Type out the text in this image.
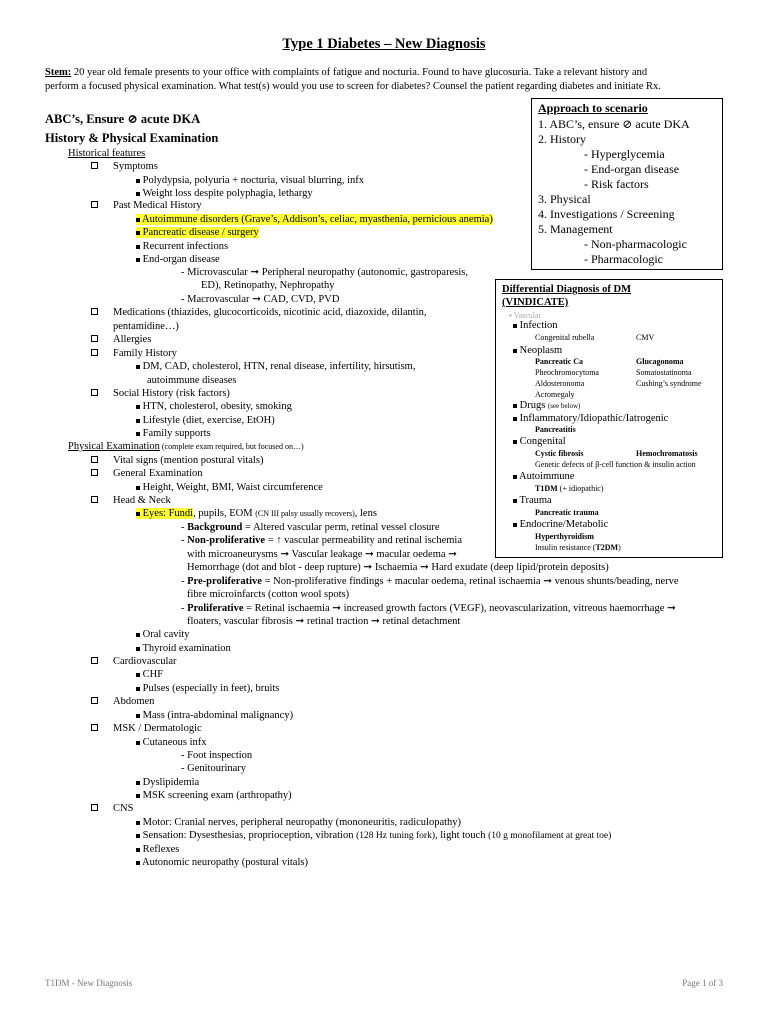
Type 1 Diabetes – New Diagnosis
Stem: 20 year old female presents to your office with complaints of fatigue and nocturia. Found to have glucosuria. Take a relevant history and
perform a focused physical examination. What test(s) would you use to screen for diabetes? Counsel the patient regarding diabetes and initiate Rx.
ABC’s, Ensure ⊘ acute DKA
History & Physical Examination
Historical features
Symptoms
Polydypsia, polyuria + nocturia, visual blurring, infx
Weight loss despite polyphagia, lethargy
Past Medical History
Autoimmune disorders (Grave’s, Addison’s, celiac, myasthenia, pernicious anemia)
Pancreatic disease / surgery
Recurrent infections
End-organ disease
- Microvascular ➞ Peripheral neuropathy (autonomic, gastroparesis,
ED), Retinopathy, Nephropathy
- Macrovascular ➞ CAD, CVD, PVD
Medications (thiazides, glucocorticoids, nicotinic acid, diazoxide, dilantin,
pentamidine…)
Allergies
Family History
DM, CAD, cholesterol, HTN, renal disease, infertility, hirsutism,
autoimmune diseases
Social History (risk factors)
HTN, cholesterol, obesity, smoking
Lifestyle (diet, exercise, EtOH)
Family supports
Physical Examination (complete exam required, but focused on…)
Vital signs (mention postural vitals)
General Examination
Height, Weight, BMI, Waist circumference
Head & Neck
Eyes: Fundi, pupils, EOM (CN III palsy usually recovers), lens
- Background = Altered vascular perm, retinal vessel closure
- Non-proliferative = ↑ vascular permeability and retinal ischemia
with microaneurysms ➞ Vascular leakage ➞ macular oedema ➞
Hemorrhage (dot and blot - deep rupture) ➞ Ischaemia ➞ Hard exudate (deep lipid/protein deposits)
- Pre-proliferative = Non-proliferative findings + macular oedema, retinal ischaemia ➞ venous shunts/beading, nerve
fibre microinfarcts (cotton wool spots)
- Proliferative = Retinal ischaemia ➞ increased growth factors (VEGF), neovascularization, vitreous haemorrhage ➞
floaters, vascular fibrosis ➞ retinal traction ➞ retinal detachment
Oral cavity
Thyroid examination
Cardiovascular
CHF
Pulses (especially in feet), bruits
Abdomen
Mass (intra-abdominal malignancy)
MSK / Dermatologic
Cutaneous infx
- Foot inspection
- Genitourinary
Dyslipidemia
MSK screening exam (arthropathy)
CNS
Motor: Cranial nerves, peripheral neuropathy (mononeuritis, radiculopathy)
Sensation: Dysesthesias, proprioception, vibration (128 Hz tuning fork), light touch (10 g monofilament at great toe)
Reflexes
Autonomic neuropathy (postural vitals)
Approach to scenario
1. ABC’s, ensure ⊘ acute DKA
2. History
- Hyperglycemia
- End-organ disease
- Risk factors
3. Physical
4. Investigations / Screening
5. Management
- Non-pharmacologic
- Pharmacologic
Differential Diagnosis of DM
(VINDICATE)
▪ Vascular
Infection
Congenital rubella	CMV
Neoplasm
Pancreatic Ca	Glucagonoma
Pheochromocytoma	Somatostatinoma
Aldosteronoma	Cushing’s syndrome
Acromegaly
Drugs (see below)
Inflammatory/Idiopathic/Iatrogenic
Pancreatitis
Congenital
Cystic fibrosis	Hemochromatosis
Genetic defects of β-cell function & insulin action
Autoimmune
T1DM (+ idiopathic)
Trauma
Pancreatic trauma
Endocrine/Metabolic
Hyperthyroidism
Insulin resistance (T2DM)
T1DM - New Diagnosis	Page 1 of 3
